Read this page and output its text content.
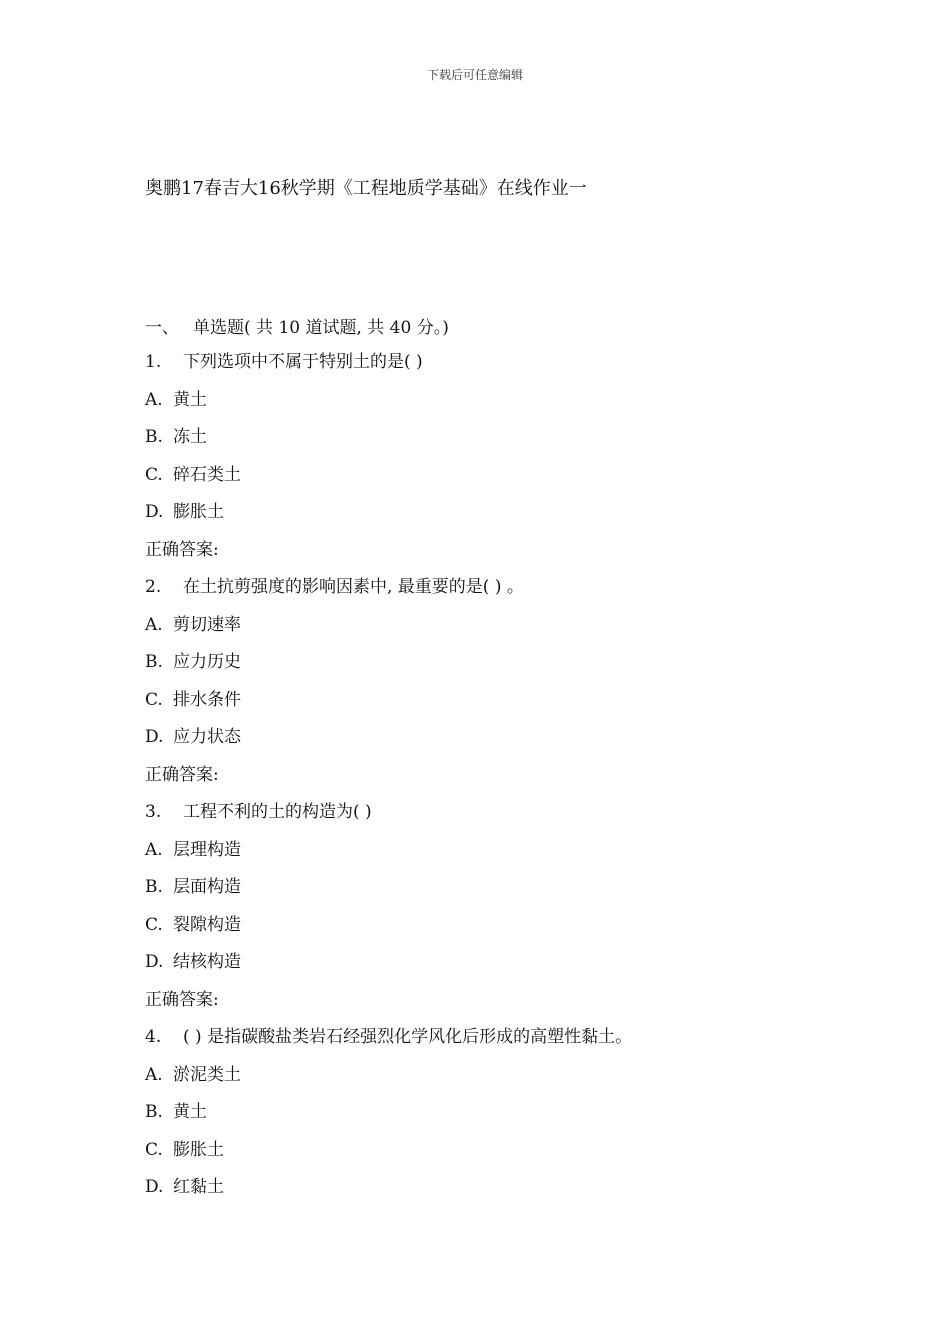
下载后可任意编辑
奥鹏17春吉大16秋学期《工程地质学基础》在线作业一
一、 单选题( 共 10 道试题, 共 40 分。)
1. 下列选项中不属于特别土的是( )
A. 黄土
B. 冻土
C. 碎石类土
D. 膨胀土
正确答案:
2. 在土抗剪强度的影响因素中, 最重要的是( ) 。
A. 剪切速率
B. 应力历史
C. 排水条件
D. 应力状态
正确答案:
3. 工程不利的土的构造为( )
A. 层理构造
B. 层面构造
C. 裂隙构造
D. 结核构造
正确答案:
4. ( ) 是指碳酸盐类岩石经强烈化学风化后形成的高塑性黏土。
A. 淤泥类土
B. 黄土
C. 膨胀土
D. 红黏土
